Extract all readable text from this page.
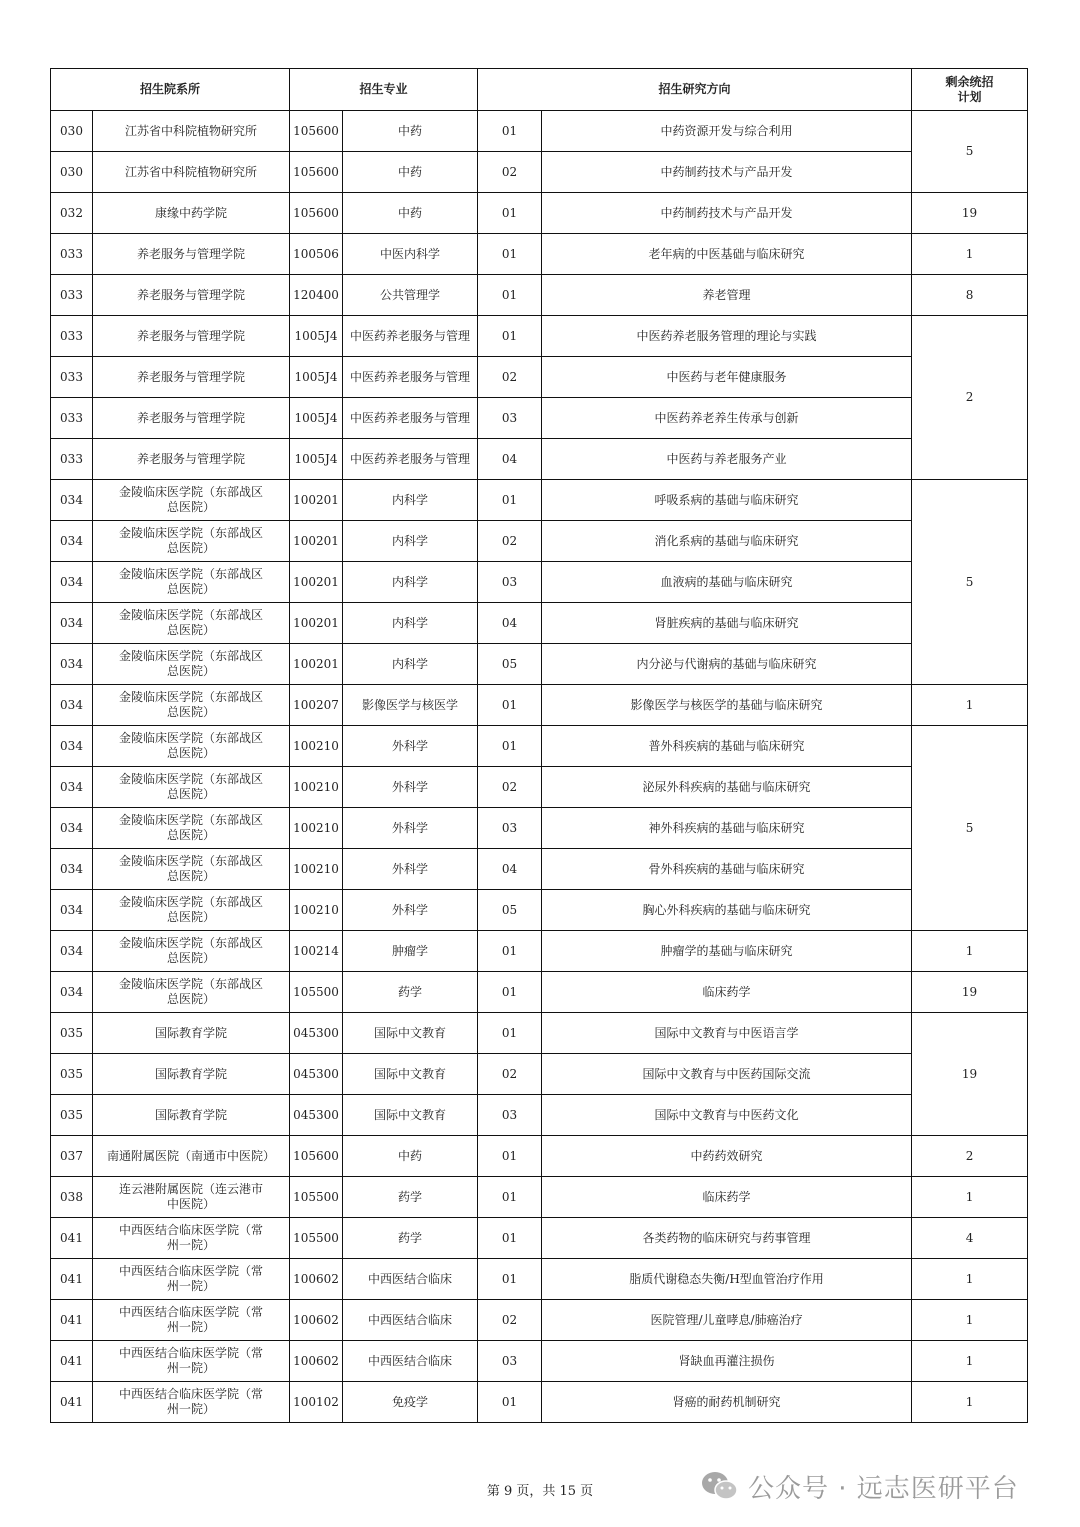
招生院系所		招生专业		招生研究方向		剩余统招计划
030	江苏省中科院植物研究所	105600	中药	01	中药资源开发与综合利用	5
030	江苏省中科院植物研究所	105600	中药	02	中药制药技术与产品开发	
032	康缘中药学院	105600	中药	01	中药制药技术与产品开发	19
033	养老服务与管理学院	100506	中医内科学	01	老年病的中医基础与临床研究	1
033	养老服务与管理学院	120400	公共管理学	01	养老管理	8
033	养老服务与管理学院	1005J4	中医药养老服务与管理	01	中医药养老服务管理的理论与实践	2
033	养老服务与管理学院	1005J4	中医药养老服务与管理	02	中医药与老年健康服务	
033	养老服务与管理学院	1005J4	中医药养老服务与管理	03	中医药养老养生传承与创新	
033	养老服务与管理学院	1005J4	中医药养老服务与管理	04	中医药与养老服务产业	
034	金陵临床医学院（东部战区总医院）	100201	内科学	01	呼吸系病的基础与临床研究	5
034	金陵临床医学院（东部战区总医院）	100201	内科学	02	消化系病的基础与临床研究	
034	金陵临床医学院（东部战区总医院）	100201	内科学	03	血液病的基础与临床研究	
034	金陵临床医学院（东部战区总医院）	100201	内科学	04	肾脏疾病的基础与临床研究	
034	金陵临床医学院（东部战区总医院）	100201	内科学	05	内分泌与代谢病的基础与临床研究	
034	金陵临床医学院（东部战区总医院）	100207	影像医学与核医学	01	影像医学与核医学的基础与临床研究	1
034	金陵临床医学院（东部战区总医院）	100210	外科学	01	普外科疾病的基础与临床研究	5
034	金陵临床医学院（东部战区总医院）	100210	外科学	02	泌尿外科疾病的基础与临床研究	
034	金陵临床医学院（东部战区总医院）	100210	外科学	03	神外科疾病的基础与临床研究	
034	金陵临床医学院（东部战区总医院）	100210	外科学	04	骨外科疾病的基础与临床研究	
034	金陵临床医学院（东部战区总医院）	100210	外科学	05	胸心外科疾病的基础与临床研究	
034	金陵临床医学院（东部战区总医院）	100214	肿瘤学	01	肿瘤学的基础与临床研究	1
034	金陵临床医学院（东部战区总医院）	105500	药学	01	临床药学	19
035	国际教育学院	045300	国际中文教育	01	国际中文教育与中医语言学	19
035	国际教育学院	045300	国际中文教育	02	国际中文教育与中医药国际交流	
035	国际教育学院	045300	国际中文教育	03	国际中文教育与中医药文化	
037	南通附属医院（南通市中医院）	105600	中药	01	中药药效研究	2
038	连云港附属医院（连云港市中医院）	105500	药学	01	临床药学	1
041	中西医结合临床医学院（常州一院）	105500	药学	01	各类药物的临床研究与药事管理	4
041	中西医结合临床医学院（常州一院）	100602	中西医结合临床	01	脂质代谢稳态失衡/H型血管治疗作用	1
041	中西医结合临床医学院（常州一院）	100602	中西医结合临床	02	医院管理/儿童哮息/肺癌治疗	1
041	中西医结合临床医学院（常州一院）	100602	中西医结合临床	03	肾缺血再灌注损伤	1
041	中西医结合临床医学院（常州一院）	100102	免疫学	01	肾癌的耐药机制研究	1
第 9 页，共 15 页	公众号 · 远志医研平台
